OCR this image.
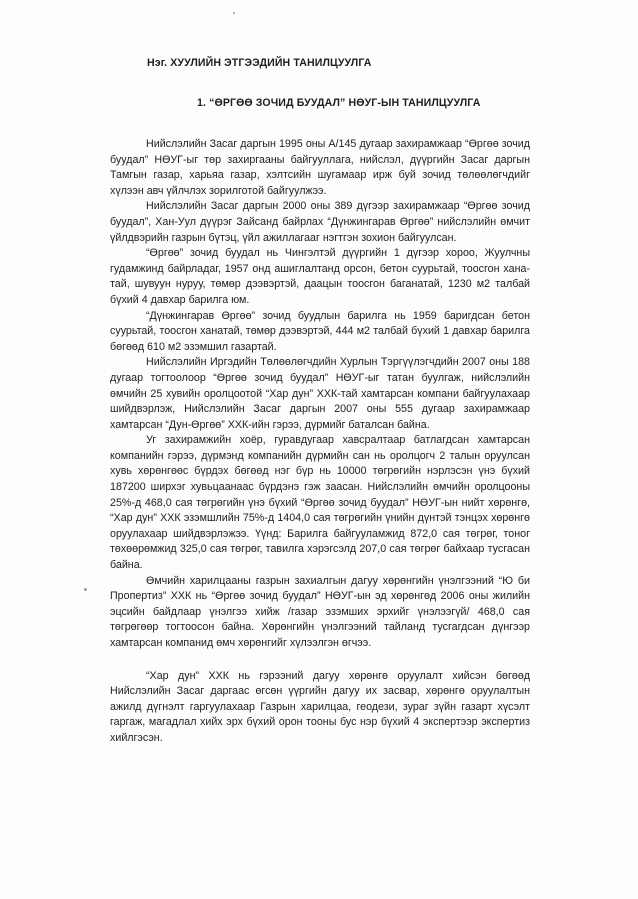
Нэг. ХУУЛИЙН ЭТГЭЭДИЙН ТАНИЛЦУУЛГА
1. “ӨРГӨӨ ЗОЧИД БУУДАЛ” НӨУГ-ЫН ТАНИЛЦУУЛГА

Нийслэлийн Засаг даргын 1995 оны А/145 дугаар захирамжаар “Өргөө зочид буудал” НӨУГ-ыг төр захиргааны байгууллага, нийслэл, дүүргийн Засаг даргын Тамгын газар, харьяа газар, хэлтсийн шугамаар ирж буй зочид төлөөлөгчдийг хүлээн авч үйлчлэх зорилготой байгуулжээ.

Нийслэлийн Засаг даргын 2000 оны 389 дүгээр захирамжаар “Өргөө зочид буудал”, Хан-Уул дүүрэг Зайсанд байрлах “Дүнжингарав Өргөө” нийслэлийн өмчит үйлдвэрийн газрын бүтэц, үйл ажиллагааг нэгтгэн зохион байгуулсан.

“Өргөө” зочид буудал нь Чингэлтэй дүүргийн 1 дүгээр хороо, Жуулчны гудамжинд байрладаг, 1957 онд ашиглалтанд орсон, бетон суурьтай, тоосгон ханатай, шувуун нуруу, төмөр дээвэртэй, даацын тоосгон баганатай, 1230 м2 талбай бүхий 4 давхар барилга юм.

“Дүнжингарав Өргөө” зочид буудлын барилга нь 1959 баригдсан бетон суурьтай, тоосгон ханатай, төмөр дээвэртэй, 444 м2 талбай бүхий 1 давхар барилга бөгөөд 610 м2 эзэмшил газартай.

Нийслэлийн Иргэдийн Төлөөлөгчдийн Хурлын Тэргүүлэгчдийн 2007 оны 188 дугаар тогтоолоор “Өргөө зочид буудал” НӨУГ-ыг татан буулгаж, нийслэлийн өмчийн 25 хувийн оролцоотой “Хар дун” ХХК-тай хамтарсан компани байгуулахаар шийдвэрлэж, Нийслэлийн Засаг даргын 2007 оны 555 дугаар захирамжаар хамтарсан “Дун-Өргөө” ХХК-ийн гэрээ, дүрмийг баталсан байна.

Уг захирамжийн хоёр, гуравдугаар хавсралтаар батлагдсан хамтарсан компанийн гэрээ, дүрмэнд компанийн дүрмийн сан нь оролцогч 2 талын оруулсан хувь хөрөнгөөс бүрдэх бөгөөд нэг бүр нь 10000 төгрөгийн нэрлэсэн үнэ бүхий 187200 ширхэг хувьцаанаас бүрдэнэ гэж заасан. Нийслэлийн өмчийн оролцооны 25%-д 468,0 сая төгрөгийн үнэ бүхий “Өргөө зочид буудал” НӨУГ-ын нийт хөрөнгө, “Хар дун” ХХК эзэмшлийн 75%-д 1404,0 сая төгрөгийн үнийн дүнтэй тэнцэх хөрөнгө оруулахаар шийдвэрлэжээ. Үүнд: Барилга байгууламжид 872,0 сая төгрөг, тоног төхөөрөмжид 325,0 сая төгрөг, тавилга хэрэгсэлд 207,0 сая төгрөг байхаар тусгасан байна.

Өмчийн харилцааны газрын захиалгын дагуу хөрөнгийн үнэлгээний “Ю би Пропертиз” ХХК нь “Өргөө зочид буудал” НӨУГ-ын эд хөрөнгөд 2006 оны жилийн эцсийн байдлаар үнэлгээ хийж /газар эзэмших эрхийг үнэлээгүй/ 468,0 сая төгрөгөөр тогтоосон байна. Хөрөнгийн үнэлгээний тайланд тусгагдсан дүнгээр хамтарсан компанид өмч хөрөнгийг хүлээлгэн өгчээ.

“Хар дун” ХХК нь гэрээний дагуу хөрөнгө оруулалт хийсэн бөгөөд Нийслэлийн Засаг даргаас өгсөн үүргийн дагуу их засвар, хөрөнгө оруулалтын ажилд дүгнэлт гаргуулахаар Газрын харилцаа, геодези, зураг зүйн газарт хүсэлт гаргаж, магадлал хийх эрх бүхий орон тооны бус нэр бүхий 4 экспертээр экспертиз хийлгэсэн.
